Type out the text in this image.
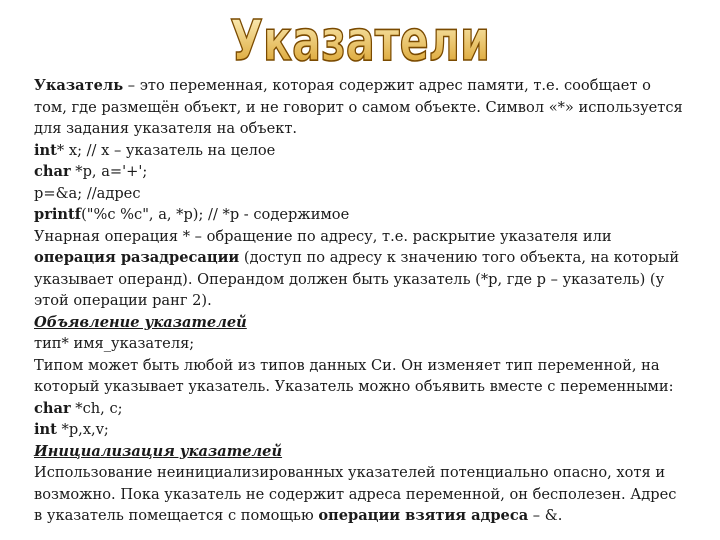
Указатели

Указатель – это переменная, которая содержит адрес памяти, т.е. сообщает о том, где размещён объект, и не говорит о самом объекте. Символ «*» используется для задания указателя на объект.

int* x; // x – указатель на целое

char *p, a='+';

p=&a; //адрес

printf("%c %c", a, *p); // *p - содержимое

Унарная операция * – обращение по адресу, т.е. раскрытие указателя или операция разадресации (доступ по адресу к значению того объекта, на который указывает операнд). Операндом должен быть указатель (*p, где p – указатель) (у этой операции ранг 2).

Объявление указателей

тип* имя_указателя;

Типом может быть любой из типов данных Си. Он изменяет тип переменной, на который указывает указатель. Указатель можно объявить вместе с переменными:

char *ch, c;

int *p,x,v;

Инициализация указателей

Использование неинициализированных указателей потенциально опасно, хотя и возможно. Пока указатель не содержит адреса переменной, он бесполезен. Адрес в указатель помещается с помощью операции взятия адреса – &.
